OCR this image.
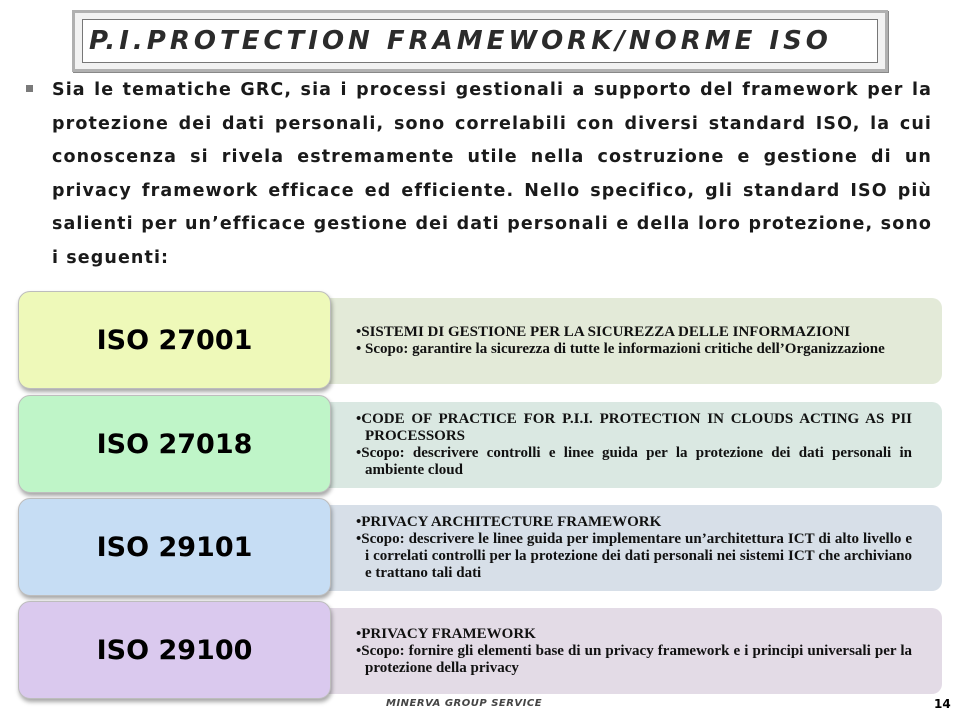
P.I.PROTECTION FRAMEWORK/NORME ISO
Sia le tematiche GRC, sia i processi gestionali a supporto del framework per la protezione dei dati personali, sono correlabili con diversi standard ISO, la cui conoscenza si rivela estremamente utile nella costruzione e gestione di un privacy framework efficace ed efficiente. Nello specifico, gli standard ISO più salienti per un’efficace gestione dei dati personali e della loro protezione, sono i seguenti:

•SISTEMI DI GESTIONE PER LA SICUREZZA DELLE INFORMAZIONI

• Scopo: garantire la sicurezza di tutte le informazioni critiche dell’Organizzazione

ISO 27001

•CODE OF PRACTICE FOR P.I.I. PROTECTION IN CLOUDS ACTING AS PII PROCESSORS

•Scopo: descrivere controlli e linee guida per la protezione dei dati personali in ambiente cloud

ISO 27018

•PRIVACY ARCHITECTURE FRAMEWORK

•Scopo: descrivere le linee guida per implementare un’architettura ICT di alto livello e i correlati controlli per la protezione dei dati personali nei sistemi ICT che archiviano e trattano tali dati

ISO 29101

•PRIVACY FRAMEWORK

•Scopo: fornire gli elementi base di un privacy framework e i principi universali per la protezione della privacy

ISO 29100
MINERVA GROUP SERVICE	14
